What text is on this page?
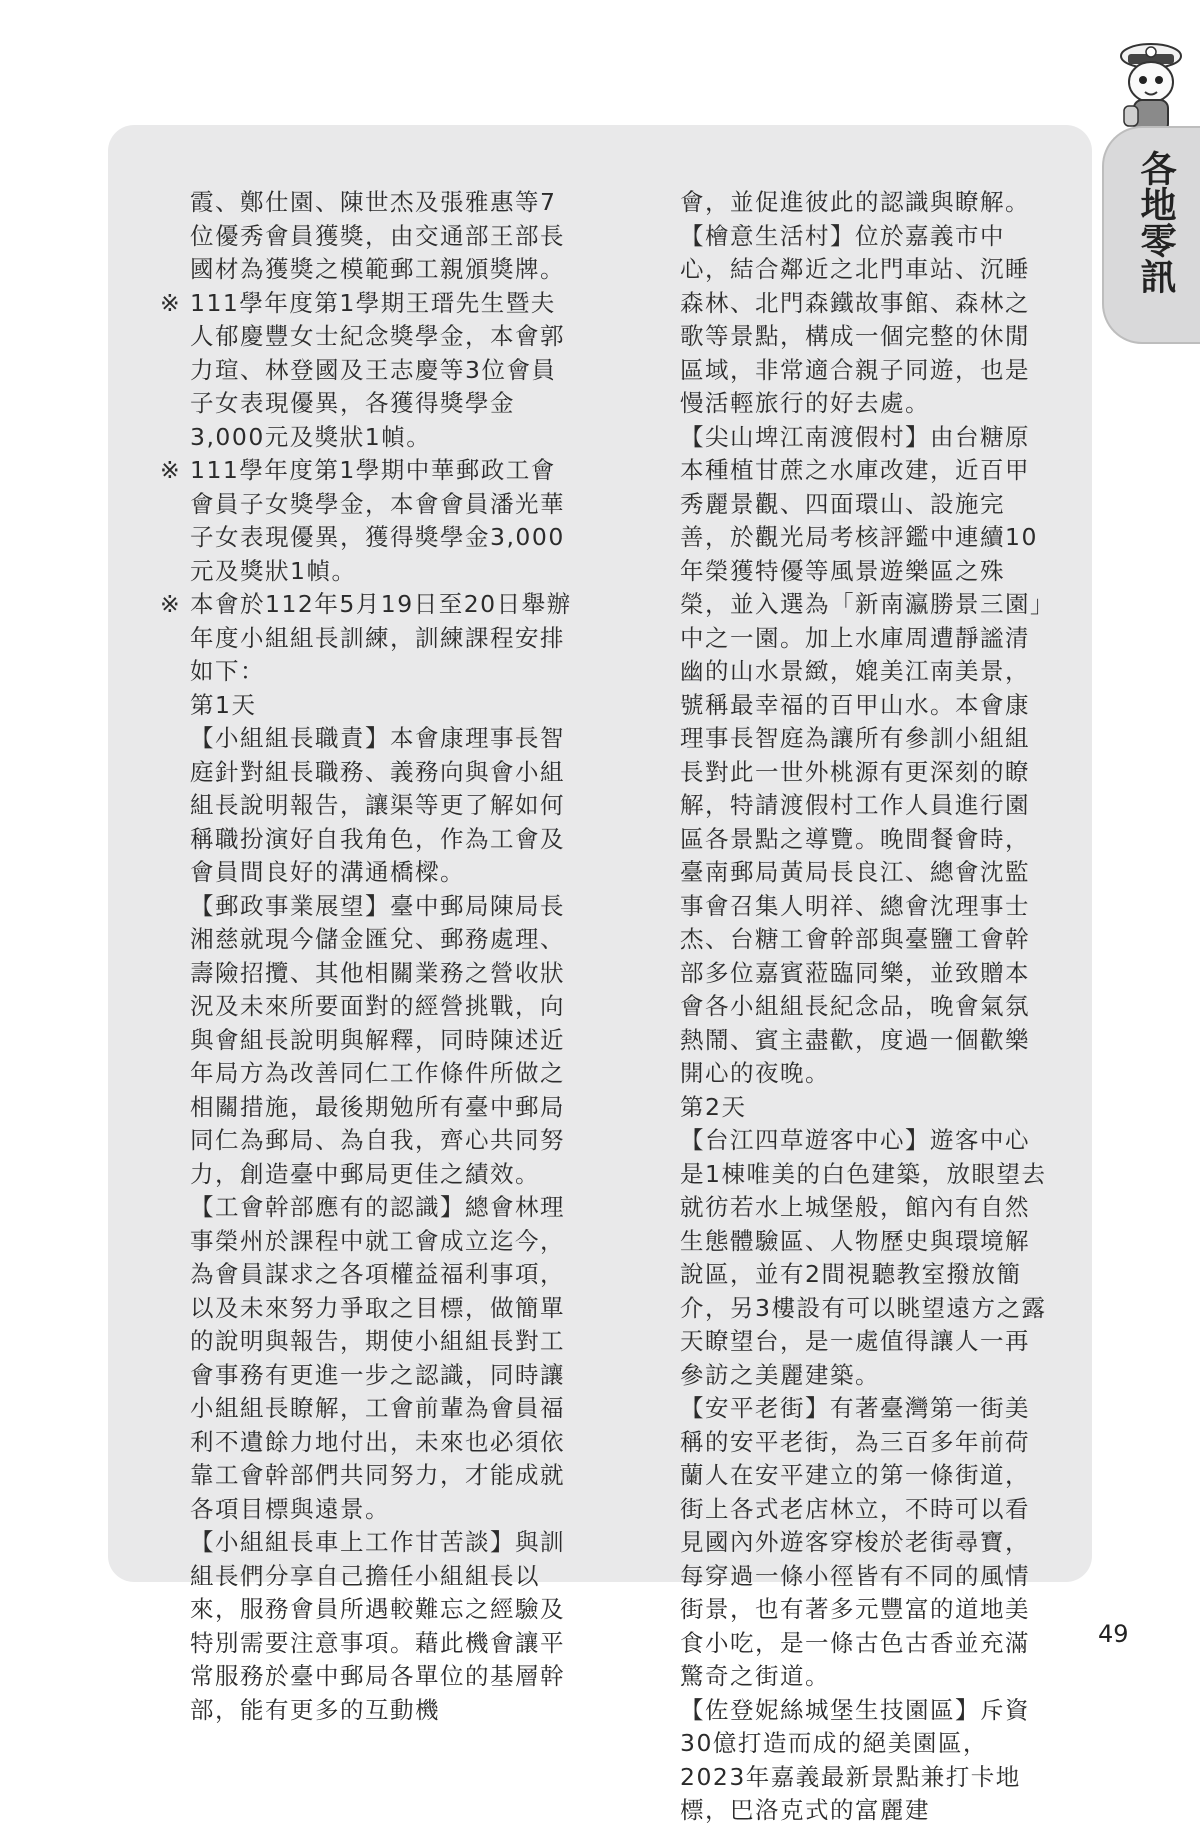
各地零訊

霞、鄭仕園、陳世杰及張雅惠等7位優秀會員獲獎，由交通部王部長國材為獲獎之模範郵工親頒獎牌。

※ 111學年度第1學期王瑨先生暨夫人郁慶豐女士紀念獎學金，本會郭力瑄、林登國及王志慶等3位會員子女表現優異，各獲得獎學金3,000元及獎狀1幀。

※ 111學年度第1學期中華郵政工會會員子女獎學金，本會會員潘光華子女表現優異，獲得獎學金3,000元及獎狀1幀。

※ 本會於112年5月19日至20日舉辦年度小組組長訓練，訓練課程安排如下：

第1天

【小組組長職責】本會康理事長智庭針對組長職務、義務向與會小組組長說明報告，讓渠等更了解如何稱職扮演好自我角色，作為工會及會員間良好的溝通橋樑。

【郵政事業展望】臺中郵局陳局長湘慈就現今儲金匯兌、郵務處理、壽險招攬、其他相關業務之營收狀況及未來所要面對的經營挑戰，向與會組長說明與解釋，同時陳述近年局方為改善同仁工作條件所做之相關措施，最後期勉所有臺中郵局同仁為郵局、為自我，齊心共同努力，創造臺中郵局更佳之績效。

【工會幹部應有的認識】總會林理事榮州於課程中就工會成立迄今，為會員謀求之各項權益福利事項，以及未來努力爭取之目標，做簡單的說明與報告，期使小組組長對工會事務有更進一步之認識，同時讓小組組長瞭解，工會前輩為會員福利不遺餘力地付出，未來也必須依靠工會幹部們共同努力，才能成就各項目標與遠景。

【小組組長車上工作甘苦談】與訓組長們分享自己擔任小組組長以來，服務會員所遇較難忘之經驗及特別需要注意事項。藉此機會讓平常服務於臺中郵局各單位的基層幹部，能有更多的互動機

會，並促進彼此的認識與瞭解。

【檜意生活村】位於嘉義市中心，結合鄰近之北門車站、沉睡森林、北門森鐵故事館、森林之歌等景點，構成一個完整的休閒區域，非常適合親子同遊，也是慢活輕旅行的好去處。

【尖山埤江南渡假村】由台糖原本種植甘蔗之水庫改建，近百甲秀麗景觀、四面環山、設施完善，於觀光局考核評鑑中連續10年榮獲特優等風景遊樂區之殊榮，並入選為「新南瀛勝景三園」中之一園。加上水庫周遭靜謐清幽的山水景緻，媲美江南美景，號稱最幸福的百甲山水。本會康理事長智庭為讓所有參訓小組組長對此一世外桃源有更深刻的瞭解，特請渡假村工作人員進行園區各景點之導覽。晚間餐會時，臺南郵局黃局長良江、總會沈監事會召集人明祥、總會沈理事士杰、台糖工會幹部與臺鹽工會幹部多位嘉賓蒞臨同樂，並致贈本會各小組組長紀念品，晚會氣氛熱鬧、賓主盡歡，度過一個歡樂開心的夜晚。

第2天

【台江四草遊客中心】遊客中心是1棟唯美的白色建築，放眼望去就彷若水上城堡般，館內有自然生態體驗區、人物歷史與環境解說區，並有2間視聽教室撥放簡介，另3樓設有可以眺望遠方之露天瞭望台，是一處值得讓人一再參訪之美麗建築。

【安平老街】有著臺灣第一街美稱的安平老街，為三百多年前荷蘭人在安平建立的第一條街道，街上各式老店林立，不時可以看見國內外遊客穿梭於老街尋寶，每穿過一條小徑皆有不同的風情街景，也有著多元豐富的道地美食小吃，是一條古色古香並充滿驚奇之街道。

【佐登妮絲城堡生技園區】斥資30億打造而成的絕美園區，2023年嘉義最新景點兼打卡地標，巴洛克式的富麗建

49
